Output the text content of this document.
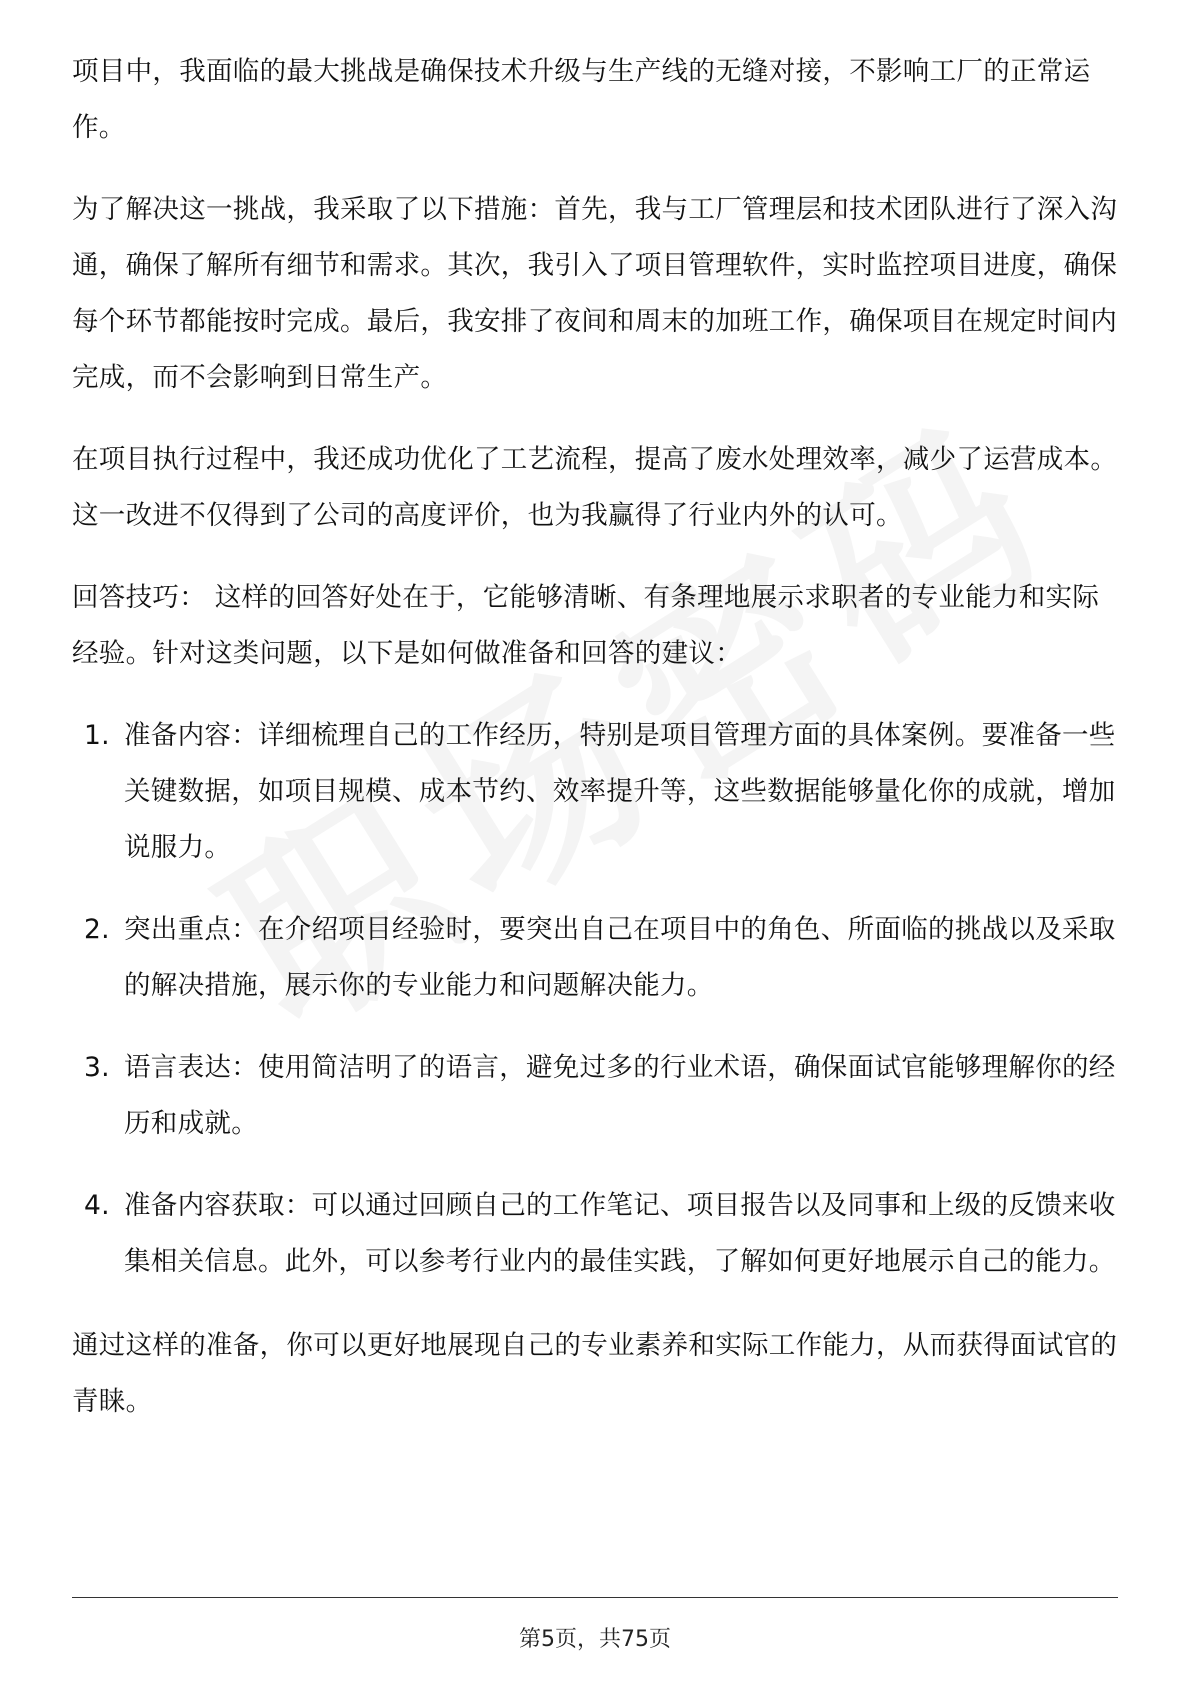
项目中，我面临的最大挑战是确保技术升级与生产线的无缝对接，不影响工厂的正常运作。

为了解决这一挑战，我采取了以下措施：首先，我与工厂管理层和技术团队进行了深入沟通，确保了解所有细节和需求。其次，我引入了项目管理软件，实时监控项目进度，确保每个环节都能按时完成。最后，我安排了夜间和周末的加班工作，确保项目在规定时间内完成，而不会影响到日常生产。

在项目执行过程中，我还成功优化了工艺流程，提高了废水处理效率，减少了运营成本。这一改进不仅得到了公司的高度评价，也为我赢得了行业内外的认可。

回答技巧： 这样的回答好处在于，它能够清晰、有条理地展示求职者的专业能力和实际经验。针对这类问题，以下是如何做准备和回答的建议：

1. 准备内容：详细梳理自己的工作经历，特别是项目管理方面的具体案例。要准备一些关键数据，如项目规模、成本节约、效率提升等，这些数据能够量化你的成就，增加说服力。
2. 突出重点：在介绍项目经验时，要突出自己在项目中的角色、所面临的挑战以及采取的解决措施，展示你的专业能力和问题解决能力。
3. 语言表达：使用简洁明了的语言，避免过多的行业术语，确保面试官能够理解你的经历和成就。
4. 准备内容获取：可以通过回顾自己的工作笔记、项目报告以及同事和上级的反馈来收集相关信息。此外，可以参考行业内的最佳实践，了解如何更好地展示自己的能力。

通过这样的准备，你可以更好地展现自己的专业素养和实际工作能力，从而获得面试官的青睐。

第5页，共75页
